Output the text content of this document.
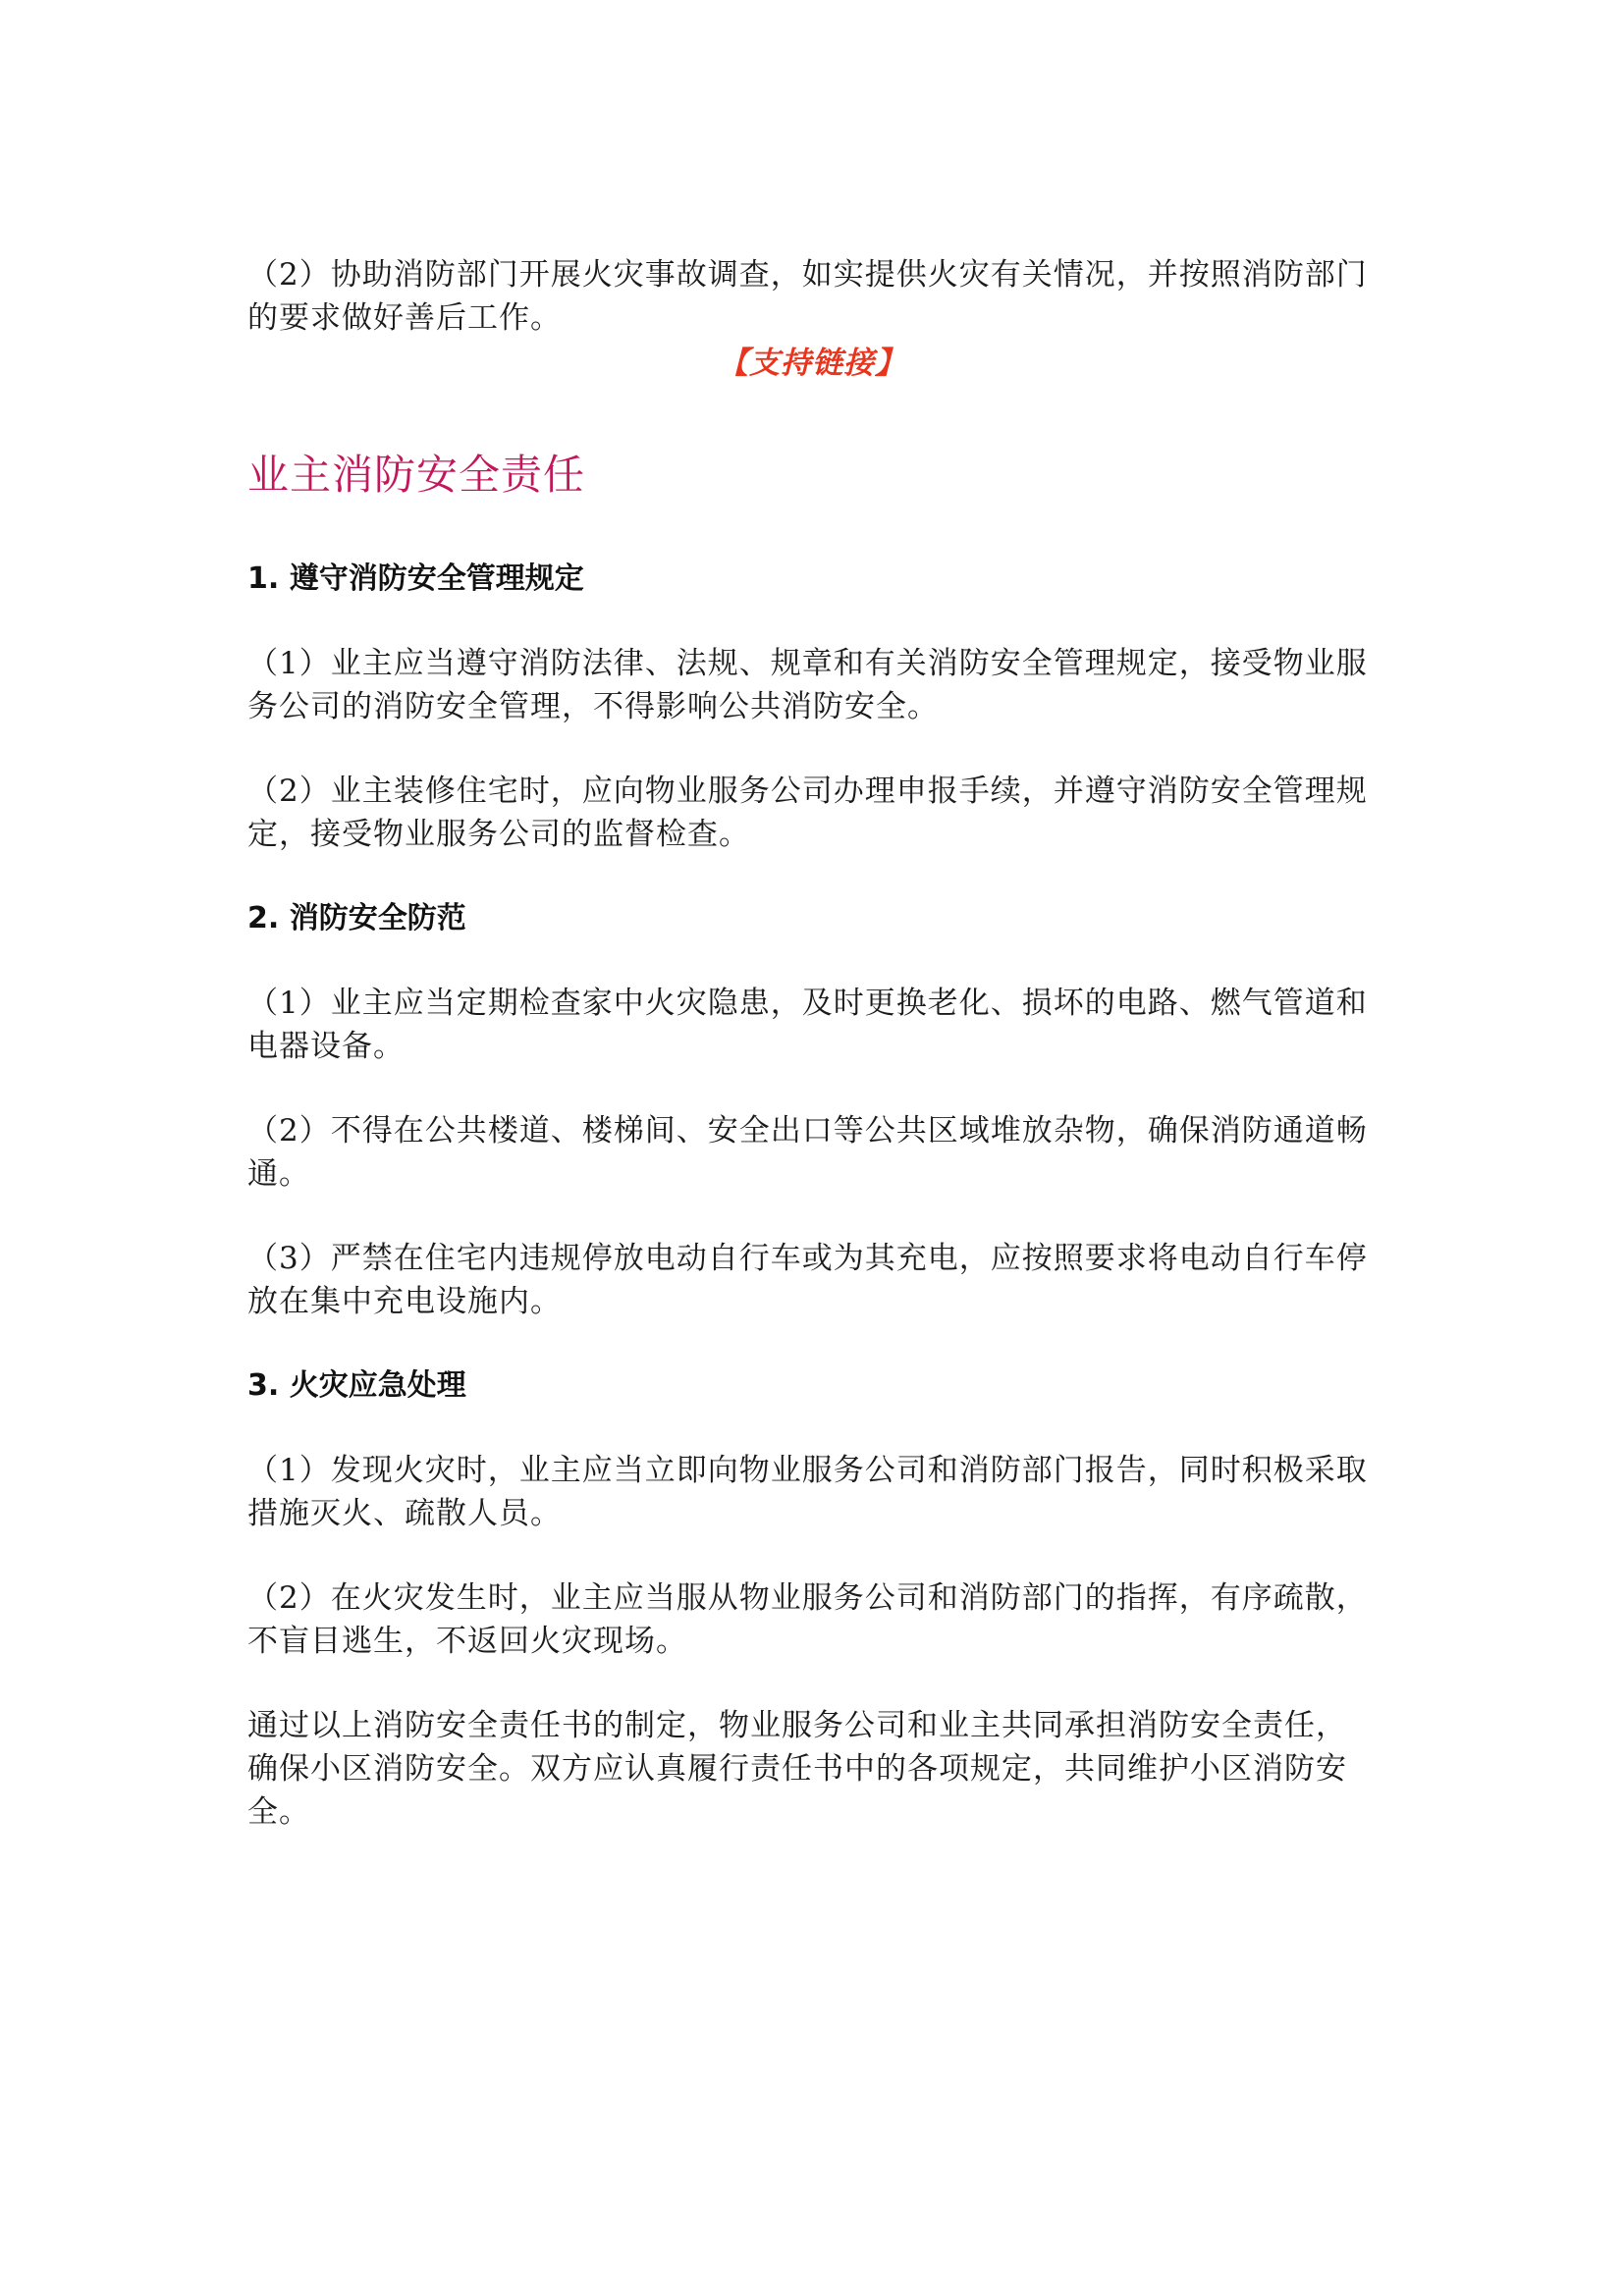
（2）协助消防部门开展火灾事故调查，如实提供火灾有关情况，并按照消防部门的要求做好善后工作。

【支持链接】
业主消防安全责任
1. 遵守消防安全管理规定

（1）业主应当遵守消防法律、法规、规章和有关消防安全管理规定，接受物业服务公司的消防安全管理，不得影响公共消防安全。

（2）业主装修住宅时，应向物业服务公司办理申报手续，并遵守消防安全管理规定，接受物业服务公司的监督检查。

2. 消防安全防范

（1）业主应当定期检查家中火灾隐患，及时更换老化、损坏的电路、燃气管道和电器设备。

（2）不得在公共楼道、楼梯间、安全出口等公共区域堆放杂物，确保消防通道畅通。

（3）严禁在住宅内违规停放电动自行车或为其充电，应按照要求将电动自行车停放在集中充电设施内。

3. 火灾应急处理

（1）发现火灾时，业主应当立即向物业服务公司和消防部门报告，同时积极采取措施灭火、疏散人员。

（2）在火灾发生时，业主应当服从物业服务公司和消防部门的指挥，有序疏散，不盲目逃生，不返回火灾现场。

通过以上消防安全责任书的制定，物业服务公司和业主共同承担消防安全责任，确保小区消防安全。双方应认真履行责任书中的各项规定，共同维护小区消防安全。
